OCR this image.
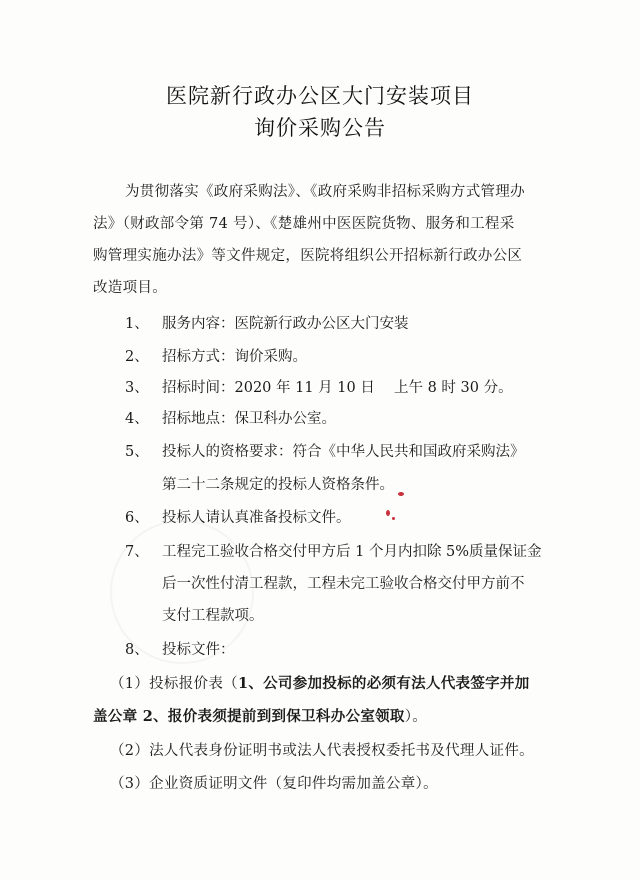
医院新行政办公区大门安装项目
询价采购公告
为贯彻落实《政府采购法》、《政府采购非招标采购方式管理办
法》（财政部令第 74 号）、《楚雄州中医医院货物、服务和工程采
购管理实施办法》等文件规定，医院将组织公开招标新行政办公区
改造项目。
1、 服务内容：医院新行政办公区大门安装
2、 招标方式：询价采购。
3、 招标时间：2020 年 11 月 10 日　 上午 8 时 30 分。
4、 招标地点：保卫科办公室。
5、 投标人的资格要求：符合《中华人民共和国政府采购法》
第二十二条规定的投标人资格条件。
6、 投标人请认真准备投标文件。
7、 工程完工验收合格交付甲方后 1 个月内扣除 5%质量保证金
后一次性付清工程款，工程未完工验收合格交付甲方前不
支付工程款项。
8、 投标文件：
（1）投标报价表（1、公司参加投标的必须有法人代表签字并加
盖公章 2、报价表须提前到到保卫科办公室领取）。
（2）法人代表身份证明书或法人代表授权委托书及代理人证件。
（3）企业资质证明文件（复印件均需加盖公章）。
